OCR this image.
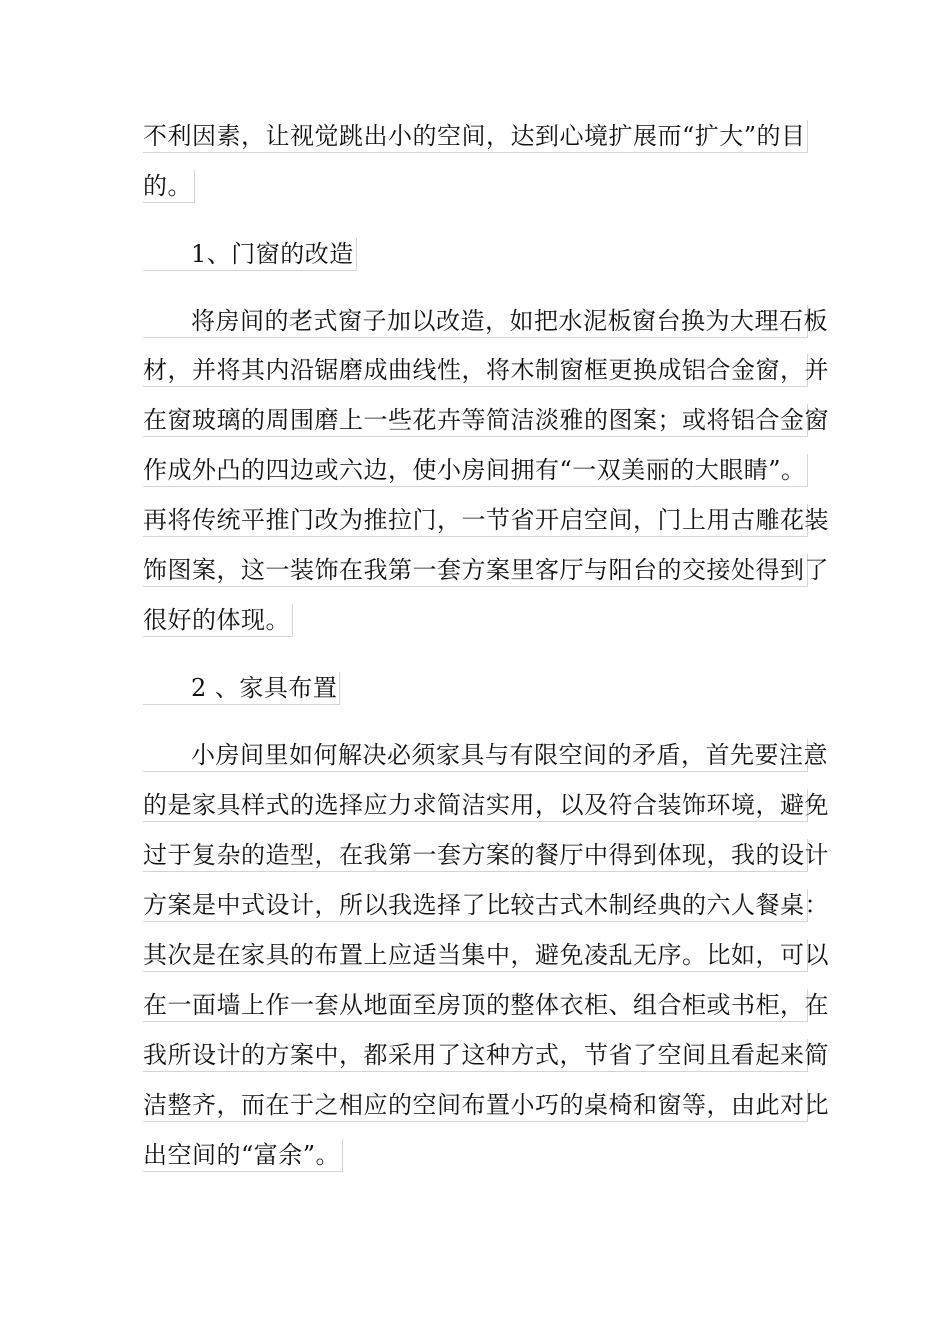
不利因素，让视觉跳出小的空间，达到心境扩展而“扩大”的目
的。
1、门窗的改造
将房间的老式窗子加以改造，如把水泥板窗台换为大理石板
材，并将其内沿锯磨成曲线性，将木制窗框更换成铝合金窗，并
在窗玻璃的周围磨上一些花卉等简洁淡雅的图案；或将铝合金窗
作成外凸的四边或六边，使小房间拥有“一双美丽的大眼睛”。
再将传统平推门改为推拉门，一节省开启空间，门上用古雕花装
饰图案，这一装饰在我第一套方案里客厅与阳台的交接处得到了
很好的体现。
2 、家具布置
小房间里如何解决必须家具与有限空间的矛盾，首先要注意
的是家具样式的选择应力求简洁实用，以及符合装饰环境，避免
过于复杂的造型，在我第一套方案的餐厅中得到体现，我的设计
方案是中式设计，所以我选择了比较古式木制经典的六人餐桌：
其次是在家具的布置上应适当集中，避免凌乱无序。比如，可以
在一面墙上作一套从地面至房顶的整体衣柜、组合柜或书柜，在
我所设计的方案中，都采用了这种方式，节省了空间且看起来简
洁整齐，而在于之相应的空间布置小巧的桌椅和窗等，由此对比
出空间的“富余”。
